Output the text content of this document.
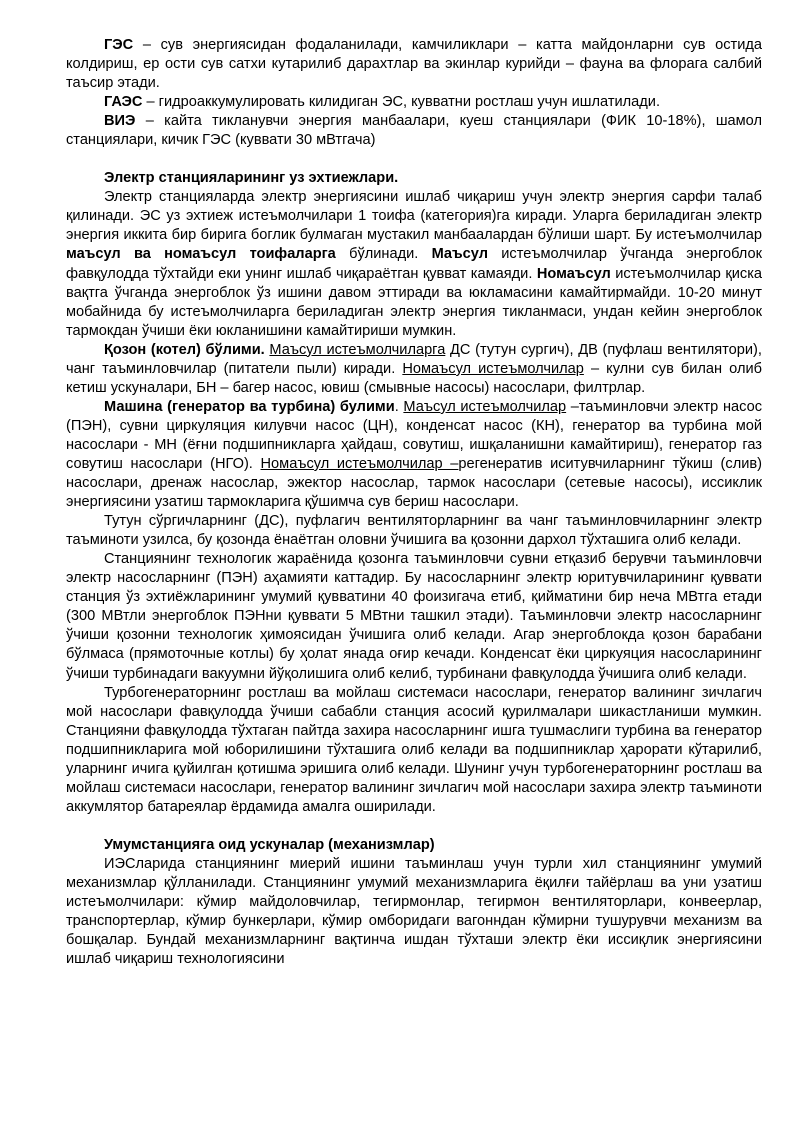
ГЭС – сув энергиясидан фодаланилади, камчиликлари – катта майдонларни сув остида колдириш, ер ости сув сатхи кутарилиб дарахтлар ва экинлар курийди – фауна ва флорага салбий таъсир этади.

ГАЭС – гидроаккумулировать килидиган ЭС, кувватни ростлаш учун ишлатилади.

ВИЭ – кайта тикланувчи энергия манбаалари, куеш станциялари (ФИК 10-18%), шамол станциялари, кичик ГЭС (куввати 30 мВтгача)

Электр станцияларининг уз эхтиежлари.

Электр станцияларда электр энергиясини ишлаб чиқариш учун электр энергия сарфи талаб қилинади. ЭС уз эхтиеж истеъмолчилари 1 тоифа (категория)га киради. Уларга бериладиган электр энергия иккита бир бирига боглик булмаган мустакил манбаалардан бўлиши шарт. Бу истеъмолчилар маъсул ва номаъсул тоифаларга бўлинади. Маъсул истеъмолчилар ўчганда энергоблок фавқулодда тўхтайди еки унинг ишлаб чиқараётган қувват камаяди. Номаъсул истеъмолчилар қиска вақтга ўчганда энергоблок ўз ишини давом эттиради ва юкламасини камайтирмайди. 10-20 минут мобайнида бу истеъмолчиларга бериладиган электр энергия тикланмаси, ундан кейин энергоблок тармокдан ўчиши ёки юкланишини камайтириши мумкин.

Қозон (котел) бўлими. Маъсул истеъмолчиларга ДС (тутун сургич), ДВ (пуфлаш вентилятори), чанг таъминловчилар (питатели пыли) киради. Номаъсул истеъмолчилар – кулни сув билан олиб кетиш ускуналари, БН – багер насос, ювиш (смывные насосы) насослари, филтрлар.

Машина (генератор ва турбина) булими. Маъсул истеъмолчилар –таъминловчи электр насос (ПЭН), сувни циркуляция килувчи насос (ЦН), конденсат насос (КН), генератор ва турбина мой насослари - МН (ёғни подшипникларга ҳайдаш, совутиш, ишқаланишни камайтириш), генератор газ совутиш насослари (НГО). Номаъсул истеъмолчилар –регенератив иситувчиларнинг тўкиш (слив) насослари, дренаж насослар, эжектор насослар, тармок насослари (сетевые насосы), иссиклик энергиясини узатиш тармокларига қўшимча сув бериш насослари.

Тутун сўргичларнинг (ДС), пуфлагич вентиляторларнинг ва чанг таъминловчиларнинг электр таъминоти узилса, бу қозонда ёнаётган оловни ўчишига ва қозонни дархол тўхташига олиб келади.

Станциянинг технологик жараёнида қозонга таъминловчи сувни етқазиб берувчи таъминловчи электр насосларнинг (ПЭН) аҳамияти каттадир. Бу насосларнинг электр юритувчиларининг қуввати станция ўз эхтиёжларининг умумий қувватини 40 фоизигача етиб, қийматини бир неча МВтга етади (300 МВтли энергоблок ПЭНни қуввати 5 МВтни ташкил этади). Таъминловчи электр насосларнинг ўчиши қозонни технологик ҳимоясидан ўчишига олиб келади. Агар энергоблокда қозон барабани бўлмаса (прямоточные котлы) бу ҳолат янада оғир кечади. Конденсат ёки циркуяция насосларининг ўчиши турбинадаги вакуумни йўқолишига олиб келиб, турбинани фавқулодда ўчишига олиб келади.

Турбогенераторнинг ростлаш ва мойлаш системаси насослари, генератор валининг зичлагич мой насослари фавқулодда ўчиши сабабли станция асосий қурилмалари шикастланиши мумкин. Станцияни фавқулодда тўхтаган пайтда захира насосларнинг ишга тушмаслиги турбина ва генератор подшипникларига мой юборилишини тўхташига олиб келади ва подшипниклар ҳарорати кўтарилиб, уларнинг ичига қуйилган қотишма эришига олиб келади. Шунинг учун турбогенераторнинг ростлаш ва мойлаш системаси насослари, генератор валининг зичлагич мой насослари захира электр таъминоти аккумлятор батареялар ёрдамида амалга оширилади.

Умумстанцияга оид ускуналар (механизмлар)

ИЭСларида станциянинг миерий ишини таъминлаш учун турли хил станциянинг умумий механизмлар қўлланилади. Станциянинг умумий механизмларига ёқилғи тайёрлаш ва уни узатиш истеъмолчилари: кўмир майдоловчилар, тегирмонлар, тегирмон вентиляторлари, конвеерлар, транспортерлар, кўмир бункерлари, кўмир омборидаги вагонндан кўмирни тушурувчи механизм ва бошқалар. Бундай механизмларнинг вақтинча ишдан тўхташи электр ёки иссиқлик энергиясини ишлаб чиқариш технологиясини
